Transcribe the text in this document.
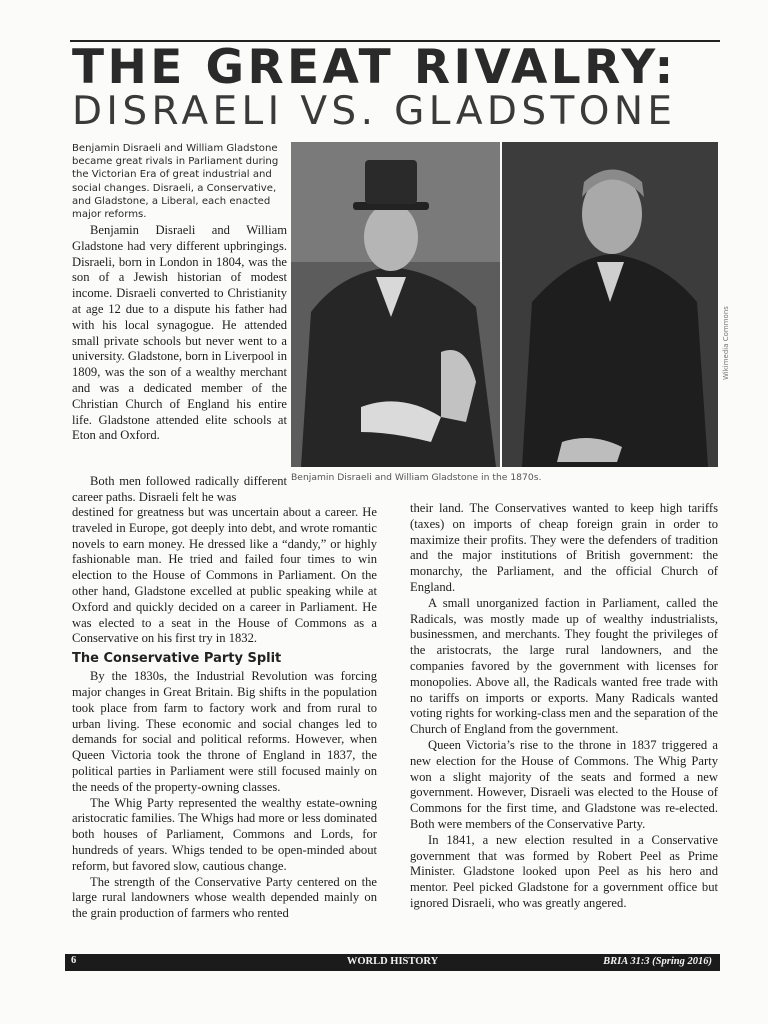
THE GREAT RIVALRY:
DISRAELI VS. GLADSTONE

Benjamin Disraeli and William Gladstone became great rivals in Parliament during the Victorian Era of great industrial and social changes. Disraeli, a Conservative, and Gladstone, a Liberal, each enacted major reforms.

Benjamin Disraeli and William Gladstone had very different upbringings. Disraeli, born in London in 1804, was the son of a Jewish historian of modest income. Disraeli converted to Christianity at age 12 due to a dispute his father had with his local synagogue. He attended small private schools but never went to a university. Gladstone, born in Liverpool in 1809, was the son of a wealthy merchant and was a dedicated member of the Christian Church of England his entire life. Gladstone attended elite schools at Eton and Oxford.

Wikimedia Commons
Benjamin Disraeli and William Gladstone in the 1870s.

Both men followed radically different career paths. Disraeli felt he was

destined for greatness but was uncertain about a career. He traveled in Europe, got deeply into debt, and wrote romantic novels to earn money. He dressed like a “dandy,” or highly fashionable man. He tried and failed four times to win election to the House of Commons in Parliament. On the other hand, Gladstone excelled at public speaking while at Oxford and quickly decided on a career in Parliament. He was elected to a seat in the House of Commons as a Conservative on his first try in 1832.

The Conservative Party Split

By the 1830s, the Industrial Revolution was forcing major changes in Great Britain. Big shifts in the population took place from farm to factory work and from rural to urban living. These economic and social changes led to demands for social and political reforms. However, when Queen Victoria took the throne of England in 1837, the political parties in Parliament were still focused mainly on the needs of the property-owning classes.

The Whig Party represented the wealthy estate-owning aristocratic families. The Whigs had more or less dominated both houses of Parliament, Commons and Lords, for hundreds of years. Whigs tended to be open-minded about reform, but favored slow, cautious change.

The strength of the Conservative Party centered on the large rural landowners whose wealth depended mainly on the grain production of farmers who rented

their land. The Conservatives wanted to keep high tariffs (taxes) on imports of cheap foreign grain in order to maximize their profits. They were the defenders of tradition and the major institutions of British government: the monarchy, the Parliament, and the official Church of England.

A small unorganized faction in Parliament, called the Radicals, was mostly made up of wealthy industrialists, businessmen, and merchants. They fought the privileges of the aristocrats, the large rural landowners, and the companies favored by the government with licenses for monopolies. Above all, the Radicals wanted free trade with no tariffs on imports or exports. Many Radicals wanted voting rights for working-class men and the separation of the Church of England from the government.

Queen Victoria’s rise to the throne in 1837 triggered a new election for the House of Commons. The Whig Party won a slight majority of the seats and formed a new government. However, Disraeli was elected to the House of Commons for the first time, and Gladstone was re-elected. Both were members of the Conservative Party.

In 1841, a new election resulted in a Conservative government that was formed by Robert Peel as Prime Minister. Gladstone looked upon Peel as his hero and mentor. Peel picked Gladstone for a government office but ignored Disraeli, who was greatly angered.

6	WORLD HISTORY	BRIA 31:3 (Spring 2016)
